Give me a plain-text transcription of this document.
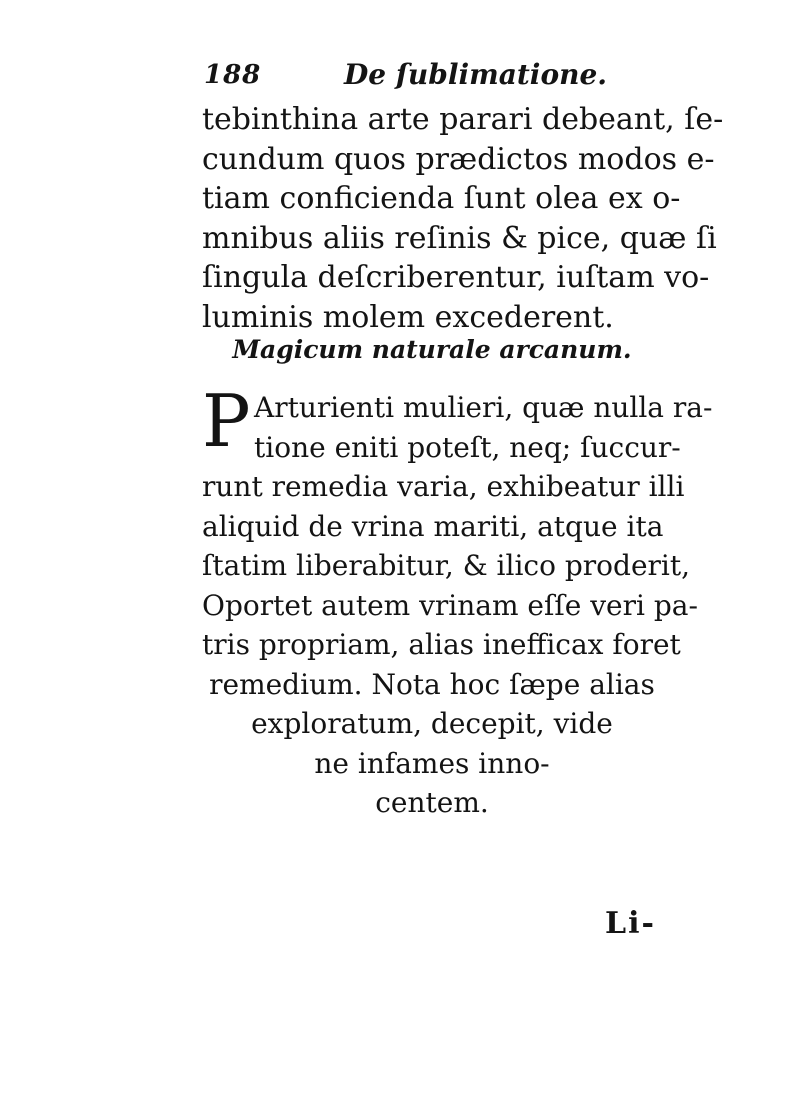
188	De ſublimatione.
tebinthina arte parari debeant, ſe-
cundum quos prædictos modos e-
tiam conficienda ſunt olea ex o-
mnibus aliis reſinis & pice, quæ ſi
ſingula deſcriberentur, iuſtam vo-
luminis molem excederent.
Magicum naturale arcanum.
P Arturienti mulieri, quæ nulla ra-
tione eniti poteſt, neq; ſuccur-
runt remedia varia, exhibeatur illi
aliquid de vrina mariti, atque ita
ſtatim liberabitur, & ilico proderit,
Oportet autem vrinam eſſe veri pa-
tris propriam, alias inefficax foret
remedium. Nota hoc ſæpe alias
exploratum, decepit, vide
ne infames inno-
centem.
Li-
